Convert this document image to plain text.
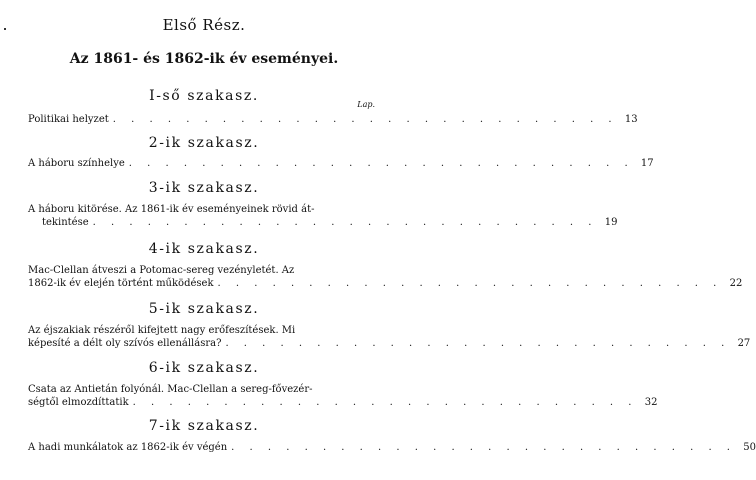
Első Rész.
Az 1861- és 1862-ik év eseményei.
I-ső szakasz.
Lap.
Politikai helyzet . . . . . . . . . . . . . . . . . . . . . . . . . . . . 13
2-ik szakasz.
A háboru színhelye . . . . . . . . . . . . . . . . . . . . . . . . . . . . 17
3-ik szakasz.
A háboru kitörése. Az 1861-ik év eseményeinek rövid át-
tekintése . . . . . . . . . . . . . . . . . . . . . . . . . . . . 19
4-ik szakasz.
Mac-Clellan átveszi a Potomac-sereg vezényletét. Az
1862-ik év elején történt működések . . . . . . . . . . . . . . . . . . . . . . . . . . . . 22
5-ik szakasz.
Az éjszakiak részéről kifejtett nagy erőfeszítések. Mi
képesíté a délt oly szívós ellenállásra? . . . . . . . . . . . . . . . . . . . . . . . . . . . . 27
6-ik szakasz.
Csata az Antietán folyónál. Mac-Clellan a sereg-fővezér-
ségtől elmozdíttatik . . . . . . . . . . . . . . . . . . . . . . . . . . . . 32
7-ik szakasz.
A hadi munkálatok az 1862-ik év végén . . . . . . . . . . . . . . . . . . . . . . . . . . . . 50
